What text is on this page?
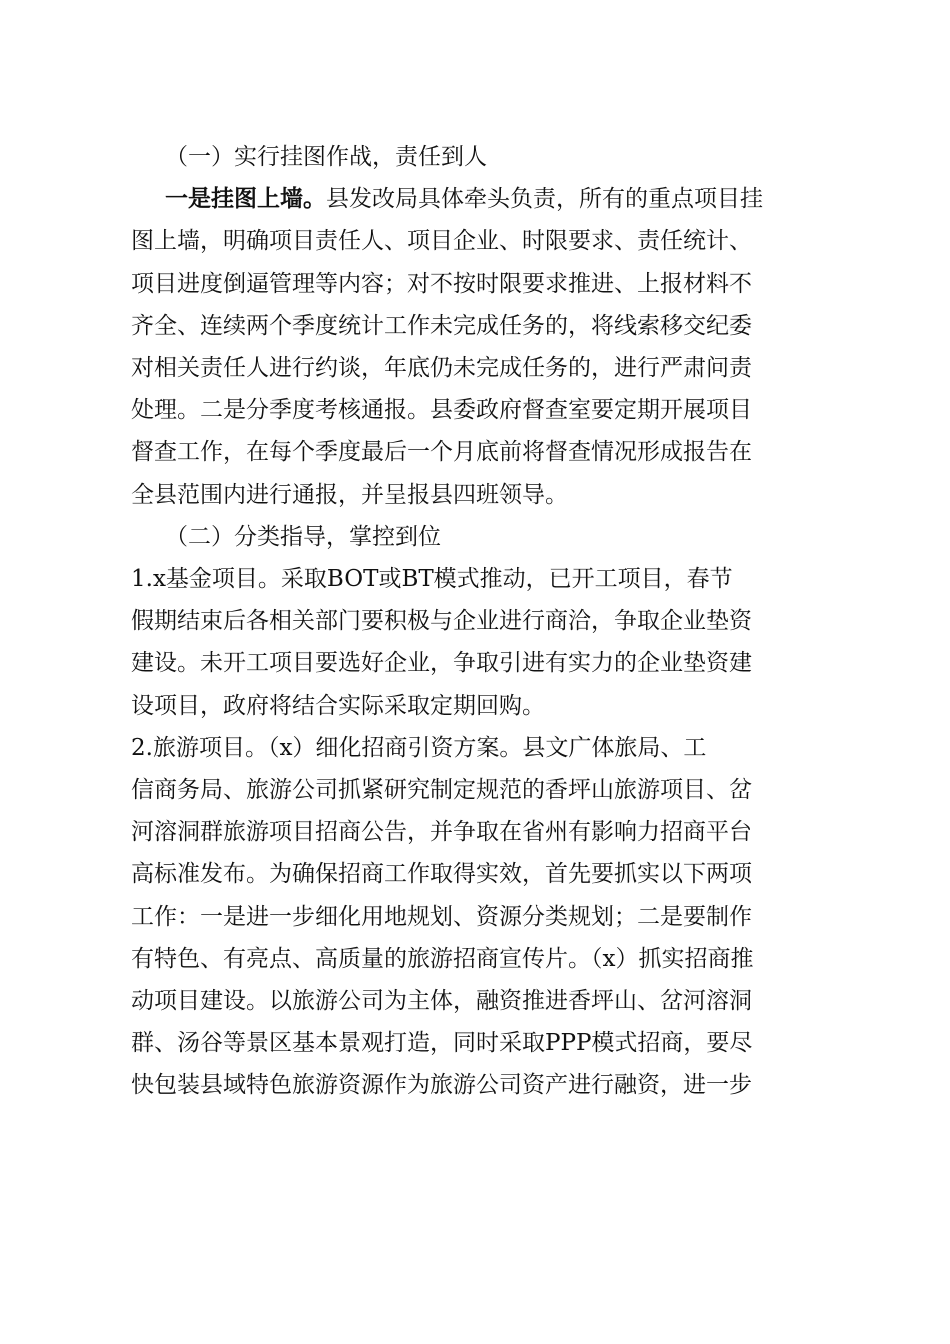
（一）实行挂图作战，责任到人

一是挂图上墙。县发改局具体牵头负责，所有的重点项目挂
图上墙，明确项目责任人、项目企业、时限要求、责任统计、
项目进度倒逼管理等内容；对不按时限要求推进、上报材料不
齐全、连续两个季度统计工作未完成任务的，将线索移交纪委
对相关责任人进行约谈，年底仍未完成任务的，进行严肃问责
处理。二是分季度考核通报。县委政府督查室要定期开展项目
督查工作，在每个季度最后一个月底前将督查情况形成报告在
全县范围内进行通报，并呈报县四班领导。

（二）分类指导，掌控到位

1.x基金项目。采取BOT或BT模式推动，已开工项目，春节
假期结束后各相关部门要积极与企业进行商洽，争取企业垫资
建设。未开工项目要选好企业，争取引进有实力的企业垫资建
设项目，政府将结合实际采取定期回购。

2.旅游项目。（x）细化招商引资方案。县文广体旅局、工
信商务局、旅游公司抓紧研究制定规范的香坪山旅游项目、岔
河溶洞群旅游项目招商公告，并争取在省州有影响力招商平台
高标准发布。为确保招商工作取得实效，首先要抓实以下两项
工作：一是进一步细化用地规划、资源分类规划；二是要制作
有特色、有亮点、高质量的旅游招商宣传片。（x）抓实招商推
动项目建设。以旅游公司为主体，融资推进香坪山、岔河溶洞
群、汤谷等景区基本景观打造，同时采取PPP模式招商，要尽
快包装县域特色旅游资源作为旅游公司资产进行融资，进一步
